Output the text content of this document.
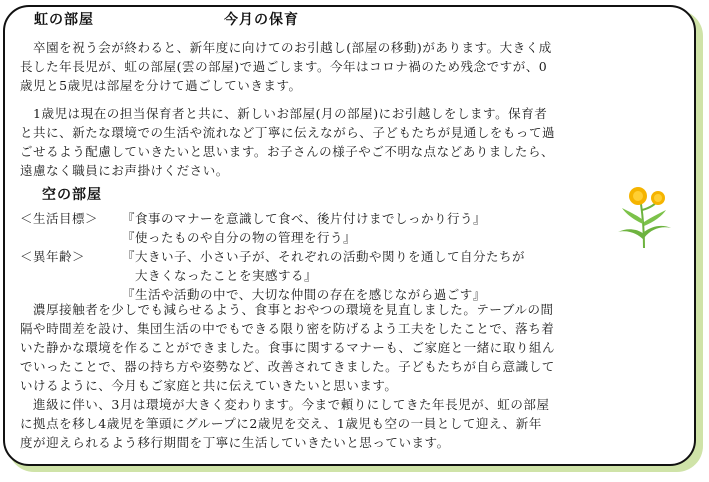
虹の部屋	今月の保育
　卒園を祝う会が終わると、新年度に向けてのお引越し(部屋の移動)があります。大きく成
長した年長児が、虹の部屋(雲の部屋)で過ごします。今年はコロナ禍のため残念ですが、0
歳児と5歳児は部屋を分けて過ごしていきます。
　1歳児は現在の担当保育者と共に、新しいお部屋(月の部屋)にお引越しをします。保育者
と共に、新たな環境での生活や流れなど丁寧に伝えながら、子どもたちが見通しをもって過
ごせるよう配慮していきたいと思います。お子さんの様子やご不明な点などありましたら、
遠慮なく職員にお声掛けください。
空の部屋
＜生活目標＞ 『食事のマナーを意識して食べ、後片付けまでしっかり行う』
『使ったものや自分の物の管理を行う』
＜異年齢＞	『大きい子、小さい子が、それぞれの活動や関りを通して自分たちが
　大きくなったことを実感する』
『生活や活動の中で、大切な仲間の存在を感じながら過ごす』
　濃厚接触者を少しでも減らせるよう、食事とおやつの環境を見直しました。テーブルの間
隔や時間差を設け、集団生活の中でもできる限り密を防げるよう工夫をしたことで、落ち着
いた静かな環境を作ることができました。食事に関するマナーも、ご家庭と一緒に取り組ん
でいったことで、器の持ち方や姿勢など、改善されてきました。子どもたちが自ら意識して
いけるように、今月もご家庭と共に伝えていきたいと思います。
　進級に伴い、3月は環境が大きく変わります。今まで頼りにしてきた年長児が、虹の部屋
に拠点を移し4歳児を筆頭にグループに2歳児を交え、1歳児も空の一員として迎え、新年
度が迎えられるよう移行期間を丁寧に生活していきたいと思っています。
